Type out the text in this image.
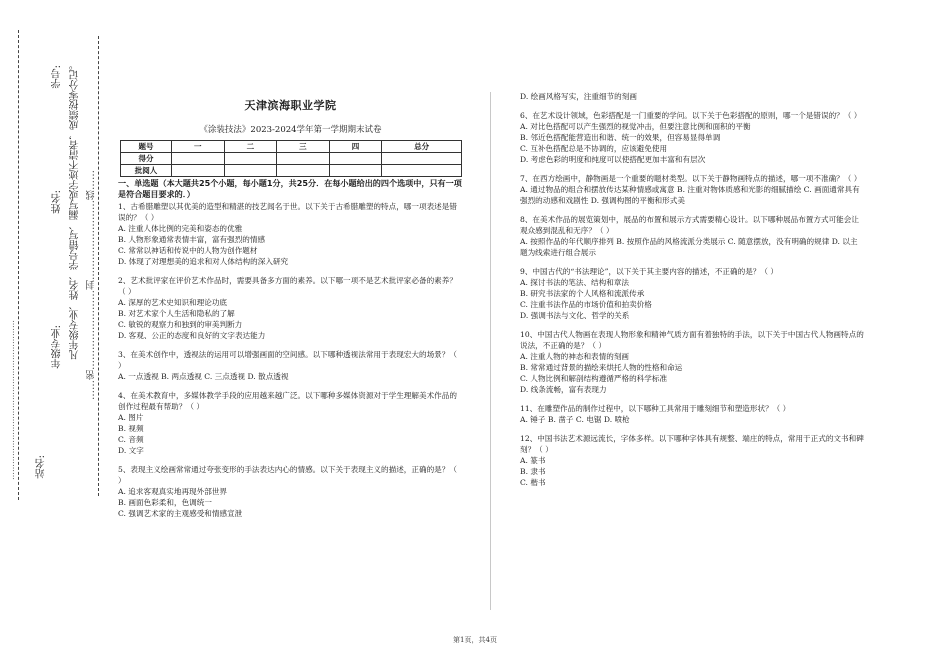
站名:
年级专业: 凡年级专业、姓名、学号错写、漏写或字迹不清者，成绩按零分记。
姓名:
学号:
……密……………………封……………………线……
……………………………………………………
天津滨海职业学院
《涂装技法》2023-2024学年第一学期期末试卷
题号	一	二	三	四	总分
得分					
批阅人					
一、单选题（本大题共25个小题，每小题1分，共25分．在每小题给出的四个选项中，只有一项是符合题目要求的．）
1、古希腊雕塑以其优美的造型和精湛的技艺闻名于世。以下关于古希腊雕塑的特点，哪一项表述是错误的？（ ）
A. 注重人体比例的完美和姿态的优雅
B. 人物形象通常表情丰富，富有强烈的情感
C. 常常以神话和传说中的人物为创作题材
D. 体现了对理想美的追求和对人体结构的深入研究
2、艺术批评家在评价艺术作品时，需要具备多方面的素养。以下哪一项不是艺术批评家必备的素养？（ ）
A. 深厚的艺术史知识和理论功底
B. 对艺术家个人生活和隐私的了解
C. 敏锐的观察力和独到的审美判断力
D. 客观、公正的态度和良好的文字表达能力
3、在美术创作中，透视法的运用可以增强画面的空间感。以下哪种透视法常用于表现宏大的场景？（ ）
A. 一点透视 B. 两点透视 C. 三点透视 D. 散点透视
4、在美术教育中，多媒体教学手段的应用越来越广泛。以下哪种多媒体资源对于学生理解美术作品的创作过程最有帮助？（ ）
A. 图片
B. 视频
C. 音频
D. 文字
5、表现主义绘画常常通过夸张变形的手法表达内心的情感。以下关于表现主义的描述，正确的是？（ ）
A. 追求客观真实地再现外部世界
B. 画面色彩柔和，色调统一
C. 强调艺术家的主观感受和情感宣泄
D. 绘画风格写实，注重细节的刻画
6、在艺术设计领域，色彩搭配是一门重要的学问。以下关于色彩搭配的原则，哪一个是错误的？（ ）
A. 对比色搭配可以产生强烈的视觉冲击，但要注意比例和面积的平衡
B. 邻近色搭配能营造出和谐、统一的效果，但容易显得单调
C. 互补色搭配总是不协调的，应该避免使用
D. 考虑色彩的明度和纯度可以使搭配更加丰富和有层次
7、在西方绘画中，静物画是一个重要的题材类型。以下关于静物画特点的描述，哪一项不准确？（ ）
A. 通过物品的组合和摆放传达某种情感或寓意 B. 注重对物体质感和光影的细腻描绘 C. 画面通常具有强烈的动感和戏剧性 D. 强调构图的平衡和形式美
8、在美术作品的展览策划中，展品的布置和展示方式需要精心设计。以下哪种展品布置方式可能会让观众感到混乱和无序？（ ）
A. 按照作品的年代顺序排列 B. 按照作品的风格流派分类展示 C. 随意摆放，没有明确的规律 D. 以主题为线索进行组合展示
9、中国古代的“书法理论”，以下关于其主要内容的描述，不正确的是？（ ）
A. 探讨书法的笔法、结构和章法
B. 研究书法家的个人风格和流派传承
C. 注重书法作品的市场价值和拍卖价格
D. 强调书法与文化、哲学的关系
10、中国古代人物画在表现人物形象和精神气质方面有着独特的手法，以下关于中国古代人物画特点的说法，不正确的是？（ ）
A. 注重人物的神态和表情的刻画
B. 常常通过背景的描绘来烘托人物的性格和命运
C. 人物比例和解剖结构遵循严格的科学标准
D. 线条流畅，富有表现力
11、在雕塑作品的制作过程中，以下哪种工具常用于雕刻细节和塑造形状？（ ）
A. 锤子 B. 凿子 C. 电锯 D. 喷枪
12、中国书法艺术源远流长，字体多样。以下哪种字体具有规整、端庄的特点，常用于正式的文书和碑刻？（ ）
A. 篆书
B. 隶书
C. 楷书
第1页，共4页
